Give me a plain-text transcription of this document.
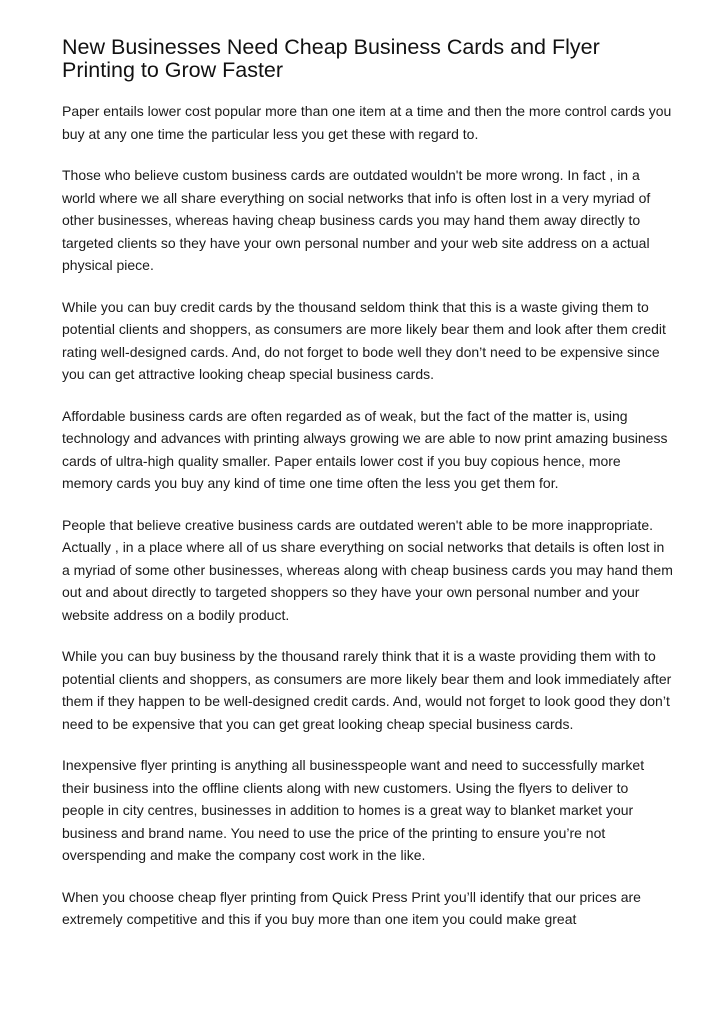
New Businesses Need Cheap Business Cards and Flyer Printing to Grow Faster

Paper entails lower cost popular more than one item at a time and then the more control cards you buy at any one time the particular less you get these with regard to.

Those who believe custom business cards are outdated wouldn't be more wrong. In fact , in a world where we all share everything on social networks that info is often lost in a very myriad of other businesses, whereas having cheap business cards you may hand them away directly to targeted clients so they have your own personal number and your web site address on a actual physical piece.

While you can buy credit cards by the thousand seldom think that this is a waste giving them to potential clients and shoppers, as consumers are more likely bear them and look after them credit rating well-designed cards. And, do not forget to bode well they don’t need to be expensive since you can get attractive looking cheap special business cards.

Affordable business cards are often regarded as of weak, but the fact of the matter is, using technology and advances with printing always growing we are able to now print amazing business cards of ultra-high quality smaller. Paper entails lower cost if you buy copious hence, more memory cards you buy any kind of time one time often the less you get them for.

People that believe creative business cards are outdated weren't able to be more inappropriate. Actually , in a place where all of us share everything on social networks that details is often lost in a myriad of some other businesses, whereas along with cheap business cards you may hand them out and about directly to targeted shoppers so they have your own personal number and your website address on a bodily product.

While you can buy business by the thousand rarely think that it is a waste providing them with to potential clients and shoppers, as consumers are more likely bear them and look immediately after them if they happen to be well-designed credit cards. And, would not forget to look good they don’t need to be expensive that you can get great looking cheap special business cards.

Inexpensive flyer printing is anything all businesspeople want and need to successfully market their business into the offline clients along with new customers. Using the flyers to deliver to people in city centres, businesses in addition to homes is a great way to blanket market your business and brand name. You need to use the price of the printing to ensure you’re not overspending and make the company cost work in the like.

When you choose cheap flyer printing from Quick Press Print you’ll identify that our prices are extremely competitive and this if you buy more than one item you could make great
